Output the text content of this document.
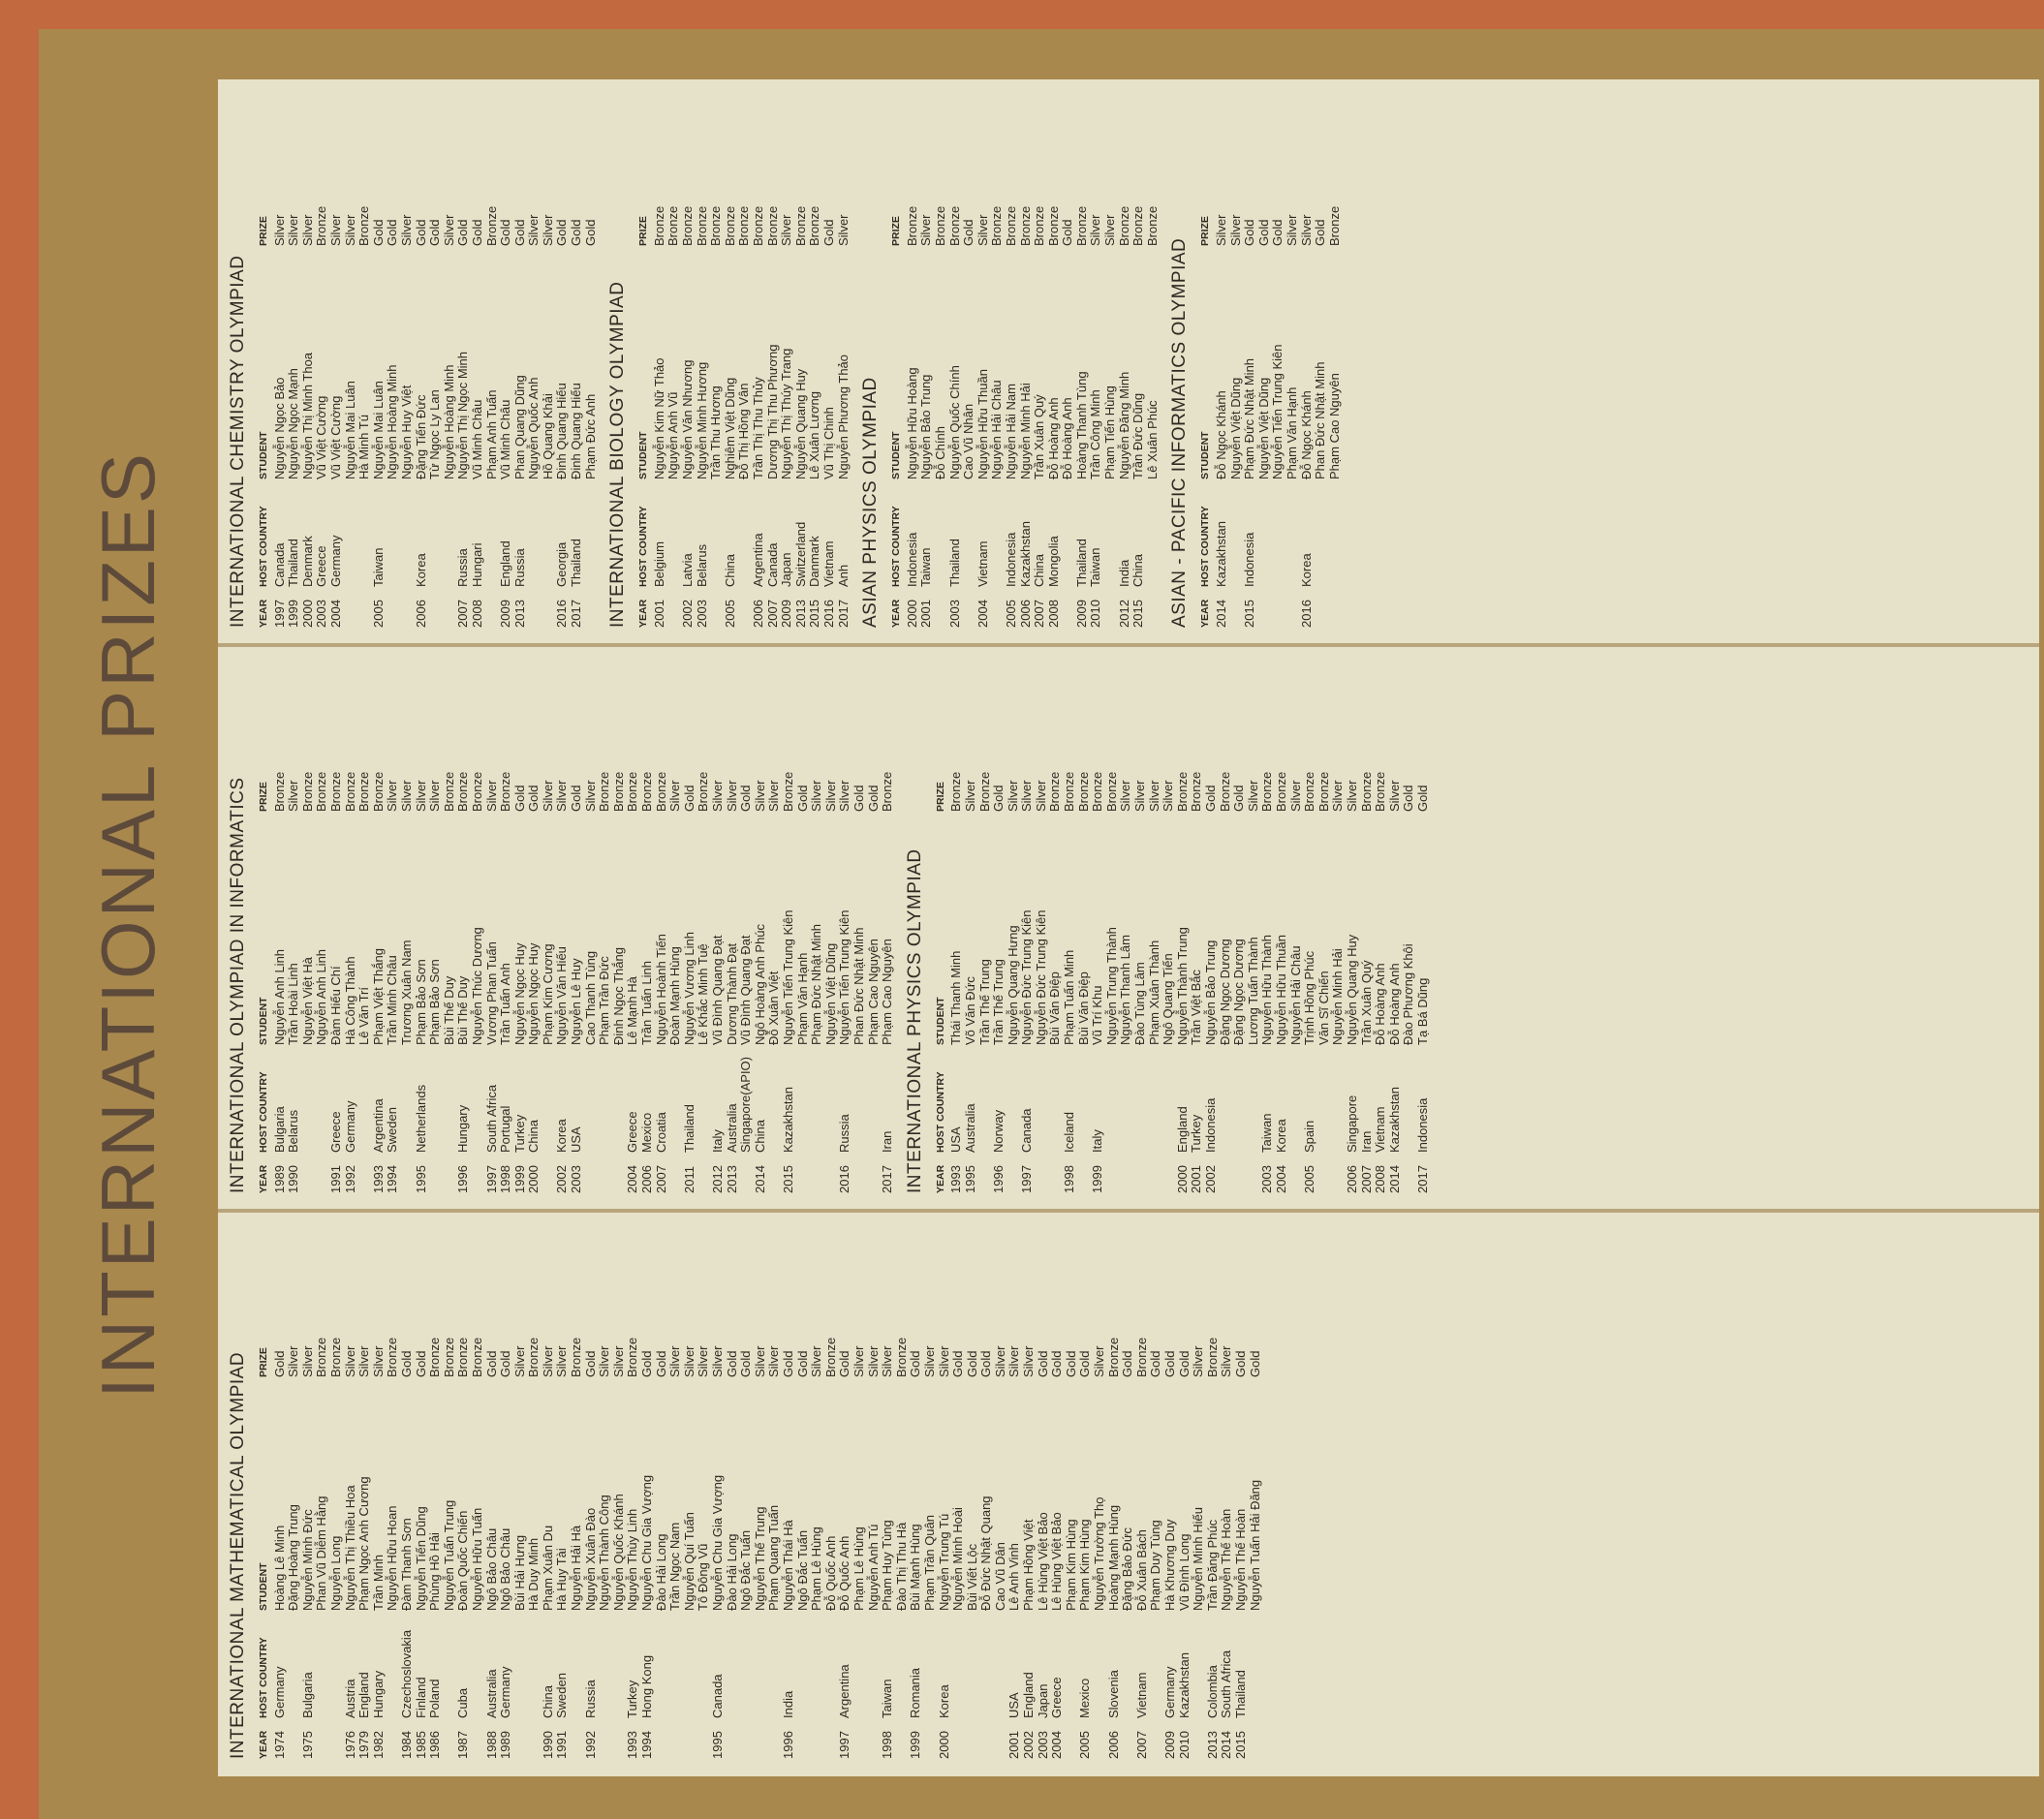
INTERNATIONAL PRIZES
INTERNATIONAL MATHEMATICAL OLYMPIAD YEAR	HOST COUNTRY	STUDENT	PRIZE
1974	Germany	Hoàng Lê Minh	Gold
		Đặng Hoàng Trung	Silver
1975	Bulgaria	Nguyễn Minh Đức	Silver
		Phan Vũ Diễm Hằng	Bronze
		Nguyễn Long	Bronze
1976	Austria	Nguyễn Thị Thiều Hoa	Silver
1979	England	Phạm Ngọc Anh Cương	Silver
1982	Hungary	Trần Minh	Silver
		Nguyễn Hữu Hoan	Bronze
1984	Czechoslovakia	Đàm Thanh Sơn	Gold
1985	Finland	Nguyễn Tiến Dũng	Gold
1986	Poland	Phùng Hồ Hải	Bronze
		Nguyễn Tuấn Trung	Bronze
1987	Cuba	Đoàn Quốc Chiến	Bronze
		Nguyễn Hữu Tuấn	Bronze
1988	Australia	Ngô Bảo Châu	Gold
1989	Germany	Ngô Bảo Châu	Gold
		Bùi Hải Hưng	Silver
		Hà Duy Minh	Bronze
1990	China	Phạm Xuân Du	Silver
1991	Sweden	Hà Huy Tài	Silver
		Nguyễn Hải Hà	Bronze
1992	Russia	Nguyễn Xuân Đào	Gold
		Nguyễn Thành Công	Silver
		Nguyễn Quốc Khánh	Silver
1993	Turkey	Nguyễn Thùy Linh	Bronze
1994	Hong Kong	Nguyễn Chu Gia Vượng	Gold
		Đào Hải Long	Gold
		Trần Ngọc Nam	Silver
		Nguyễn Quí Tuấn	Silver
		Tô Đông Vũ	Silver
1995	Canada	Nguyễn Chu Gia Vượng	Silver
		Đào Hải Long	Gold
		Ngô Đắc Tuấn	Gold
		Nguyễn Thế Trung	Silver
		Phạm Quang Tuấn	Silver
1996	India	Nguyễn Thái Hà	Gold
		Ngô Đắc Tuấn	Gold
		Phạm Lê Hùng	Silver
		Đỗ Quốc Anh	Bronze
1997	Argentina	Đỗ Quốc Anh	Gold
		Phạm Lê Hùng	Silver
		Nguyễn Anh Tú	Silver
1998	Taiwan	Phạm Huy Tùng	Silver
		Đào Thị Thu Hà	Bronze
1999	Romania	Bùi Mạnh Hùng	Gold
		Phạm Trần Quân	Silver
2000	Korea	Nguyễn Trung Tú	Silver
		Nguyễn Minh Hoài	Gold
		Bùi Viết Lộc	Gold
		Đỗ Đức Nhật Quang	Gold
		Cao Vũ Dân	Silver
2001	USA	Lê Anh Vinh	Silver
2002	England	Phạm Hồng Việt	Silver
2003	Japan	Lê Hùng Việt Bảo	Gold
2004	Greece	Lê Hùng Việt Bảo	Gold
		Phạm Kim Hùng	Gold
2005	Mexico	Phạm Kim Hùng	Gold
		Nguyễn Trường Thọ	Silver
2006	Slovenia	Hoàng Mạnh Hùng	Bronze
		Đặng Bảo Đức	Gold
2007	Vietnam	Đỗ Xuân Bách	Bronze
		Phạm Duy Tùng	Gold
2009	Germany	Hà Khương Duy	Gold
2010	Kazakhstan	Vũ Đình Long	Gold
		Nguyễn Minh Hiếu	Silver
2013	Colombia	Trần Đăng Phúc	Bronze
2014	South Africa	Nguyễn Thế Hoàn	Silver
2015	Thailand	Nguyễn Thế Hoàn	Gold
		Nguyễn Tuấn Hải Đăng	Gold
INTERNATIONAL OLYMPIAD IN INFORMATICS YEAR	HOST COUNTRY	STUDENT	PRIZE
1989	Bulgaria	Nguyễn Anh Linh	Bronze
1990	Belarus	Trần Hoài Linh	Silver
		Nguyễn Việt Hà	Bronze
		Nguyễn Anh Linh	Bronze
1991	Greece	Đàm Hiếu Chí	Bronze
1992	Germany	Hà Công Thành	Bronze
		Lê Văn Trí	Bronze
1993	Argentina	Phạm Việt Thắng	Bronze
1994	Sweden	Trần Minh Châu	Silver
		Trương Xuân Nam	Silver
1995	Netherlands	Phạm Bảo Sơn	Silver
		Phạm Bảo Sơn	Silver
		Bùi Thế Duy	Bronze
1996	Hungary	Bùi Thế Duy	Bronze
		Nguyễn Thúc Dương	Bronze
1997	South Africa	Vương Phan Tuấn	Silver
1998	Portugal	Trần Tuấn Anh	Bronze
1999	Turkey	Nguyễn Ngọc Huy	Gold
2000	China	Nguyễn Ngọc Huy	Gold
		Phạm Kim Cương	Silver
2002	Korea	Nguyễn Văn Hiếu	Silver
2003	USA	Nguyễn Lê Huy	Gold
		Cao Thanh Tùng	Silver
		Phạm Trần Đức	Bronze
		Đinh Ngọc Thắng	Bronze
2004	Greece	Lê Mạnh Hà	Bronze
2006	Mexico	Trần Tuấn Linh	Bronze
2007	Croatia	Nguyễn Hoành Tiến	Bronze
		Đoàn Mạnh Hùng	Silver
2011	Thailand	Nguyễn Vương Linh	Gold
		Lê Khắc Minh Tuệ	Bronze
2012	Italy	Vũ Đình Quang Đạt	Silver
2013	Australia	Dương Thành Đạt	Silver
	Singapore(APIO)	Vũ Đình Quang Đạt	Gold
2014	China	Ngô Hoàng Anh Phúc	Silver
		Đỗ Xuân Việt	Silver
2015	Kazakhstan	Nguyễn Tiến Trung Kiên	Bronze
		Phạm Văn Hạnh	Gold
		Phạm Đức Nhật Minh	Silver
		Nguyễn Việt Dũng	Silver
2016	Russia	Nguyễn Tiến Trung Kiên	Silver
		Phan Đức Nhật Minh	Gold
		Phạm Cao Nguyên	Gold
2017	Iran	Phạm Cao Nguyên	Bronze
INTERNATIONAL PHYSICS OLYMPIAD YEAR	HOST COUNTRY	STUDENT	PRIZE
1993	USA	Thái Thanh Minh	Bronze
1995	Australia	Võ Văn Đức	Silver
		Trần Thế Trung	Bronze
1996	Norway	Trần Thế Trung	Gold
		Nguyễn Quang Hưng	Silver
1997	Canada	Nguyễn Đức Trung Kiên	Silver
		Nguyễn Đức Trung Kiên	Silver
		Bùi Văn Điệp	Bronze
1998	Iceland	Phạm Tuấn Minh	Bronze
		Bùi Văn Điệp	Bronze
1999	Italy	Vũ Trí Khu	Bronze
		Nguyễn Trung Thành	Bronze
		Nguyễn Thanh Lâm	Silver
		Đào Tùng Lâm	Silver
		Phạm Xuân Thành	Silver
		Ngô Quang Tiến	Silver
2000	England	Nguyễn Thành Trung	Bronze
2001	Turkey	Trần Việt Bắc	Bronze
2002	Indonesia	Nguyễn Bảo Trung	Gold
		Đặng Ngọc Dương	Bronze
		Đặng Ngọc Dương	Gold
		Lương Tuấn Thành	Silver
2003	Taiwan	Nguyễn Hữu Thành	Bronze
2004	Korea	Nguyễn Hữu Thuần	Bronze
		Nguyễn Hải Châu	Silver
2005	Spain	Trịnh Hồng Phúc	Bronze
		Văn Sĩ Chiến	Bronze
		Nguyễn Minh Hải	Silver
2006	Singapore	Nguyễn Quang Huy	Silver
2007	Iran	Trần Xuân Quý	Bronze
2008	Vietnam	Đỗ Hoàng Anh	Bronze
2014	Kazakhstan	Đỗ Hoàng Anh	Silver
		Đào Phương Khôi	Gold
2017	Indonesia	Tạ Bá Dũng	Gold
INTERNATIONAL CHEMISTRY OLYMPIAD YEAR	HOST COUNTRY	STUDENT	PRIZE
1997	Canada	Nguyễn Ngọc Bảo	Silver
1999	Thailand	Nguyễn Ngọc Mạnh	Silver
2000	Denmark	Nguyễn Thị Minh Thoa	Silver
2003	Greece	Vũ Việt Cường	Bronze
2004	Germany	Vũ Việt Cường	Silver
		Nguyễn Mai Luân	Silver
		Hà Minh Tú	Bronze
2005	Taiwan	Nguyễn Mai Luân	Gold
		Nguyễn Hoàng Minh	Gold
		Nguyễn Huy Việt	Silver
2006	Korea	Đặng Tiến Đức	Gold
		Từ Ngọc Ly Lan	Gold
		Nguyễn Hoàng Minh	Silver
2007	Russia	Nguyễn Thị Ngọc Minh	Gold
2008	Hungari	Vũ Minh Châu	Gold
		Phạm Anh Tuấn	Bronze
2009	England	Vũ Minh Châu	Gold
2013	Russia	Phan Quang Dũng	Gold
		Nguyễn Quốc Anh	Silver
		Hồ Quang Khải	Silver
2016	Georgia	Đinh Quang Hiếu	Gold
2017	Thailand	Đinh Quang Hiếu	Gold
		Phạm Đức Anh	Gold
INTERNATIONAL BIOLOGY OLYMPIAD YEAR	HOST COUNTRY	STUDENT	PRIZE
2001	Belgium	Nguyễn Kim Nữ Thảo	Bronze
		Nguyễn Anh Vũ	Bronze
2002	Latvia	Nguyễn Văn Nhương	Bronze
2003	Belarus	Nguyễn Minh Hương	Bronze
		Trần Thu Hương	Bronze
2005	China	Nghiêm Việt Dũng	Bronze
		Đỗ Thị Hồng Vân	Bronze
2006	Argentina	Trần Thị Thu Thủy	Bronze
2007	Canada	Dương Thị Thu Phương	Bronze
2009	Japan	Nguyễn Thị Thúy Trang	Silver
2013	Switzerland	Nguyễn Quang Huy	Bronze
2015	Danmark	Lê Xuân Lương	Bronze
2016	Vietnam	Vũ Thị Chinh	Gold
2017	Anh	Nguyễn Phương Thảo	Silver
ASIAN PHYSICS OLYMPIAD YEAR	HOST COUNTRY	STUDENT	PRIZE
2000	Indonesia	Nguyễn Hữu Hoàng	Bronze
2001	Taiwan	Nguyễn Bảo Trung	Silver
		Đỗ Chính	Bronze
2003	Thailand	Nguyễn Quốc Chính	Bronze
		Cao Vũ Nhân	Gold
2004	Vietnam	Nguyễn Hữu Thuần	Silver
		Nguyễn Hải Châu	Bronze
2005	Indonesia	Nguyễn Hải Nam	Bronze
2006	Kazakhstan	Nguyễn Minh Hải	Bronze
2007	China	Trần Xuân Quý	Bronze
2008	Mongolia	Đỗ Hoàng Anh	Bronze
		Đỗ Hoàng Anh	Gold
2009	Thailand	Hoàng Thanh Tùng	Bronze
2010	Taiwan	Trần Công Minh	Silver
		Phạm Tiến Hùng	Silver
2012	India	Nguyễn Đăng Minh	Bronze
2015	China	Trần Đức Dũng	Bronze
		Lê Xuân Phúc	Bronze
ASIAN - PACIFIC INFORMATICS OLYMPIAD YEAR	HOST COUNTRY	STUDENT	PRIZE
2014	Kazakhstan	Đỗ Ngọc Khánh	Silver
		Nguyễn Việt Dũng	Silver
2015	Indonesia	Phạm Đức Nhật Minh	Gold
		Nguyễn Việt Dũng	Gold
		Nguyễn Tiến Trung Kiên	Gold
		Phạm Văn Hạnh	Silver
2016	Korea	Đỗ Ngọc Khánh	Silver
		Phan Đức Nhật Minh	Gold
		Phạm Cao Nguyên	Bronze
